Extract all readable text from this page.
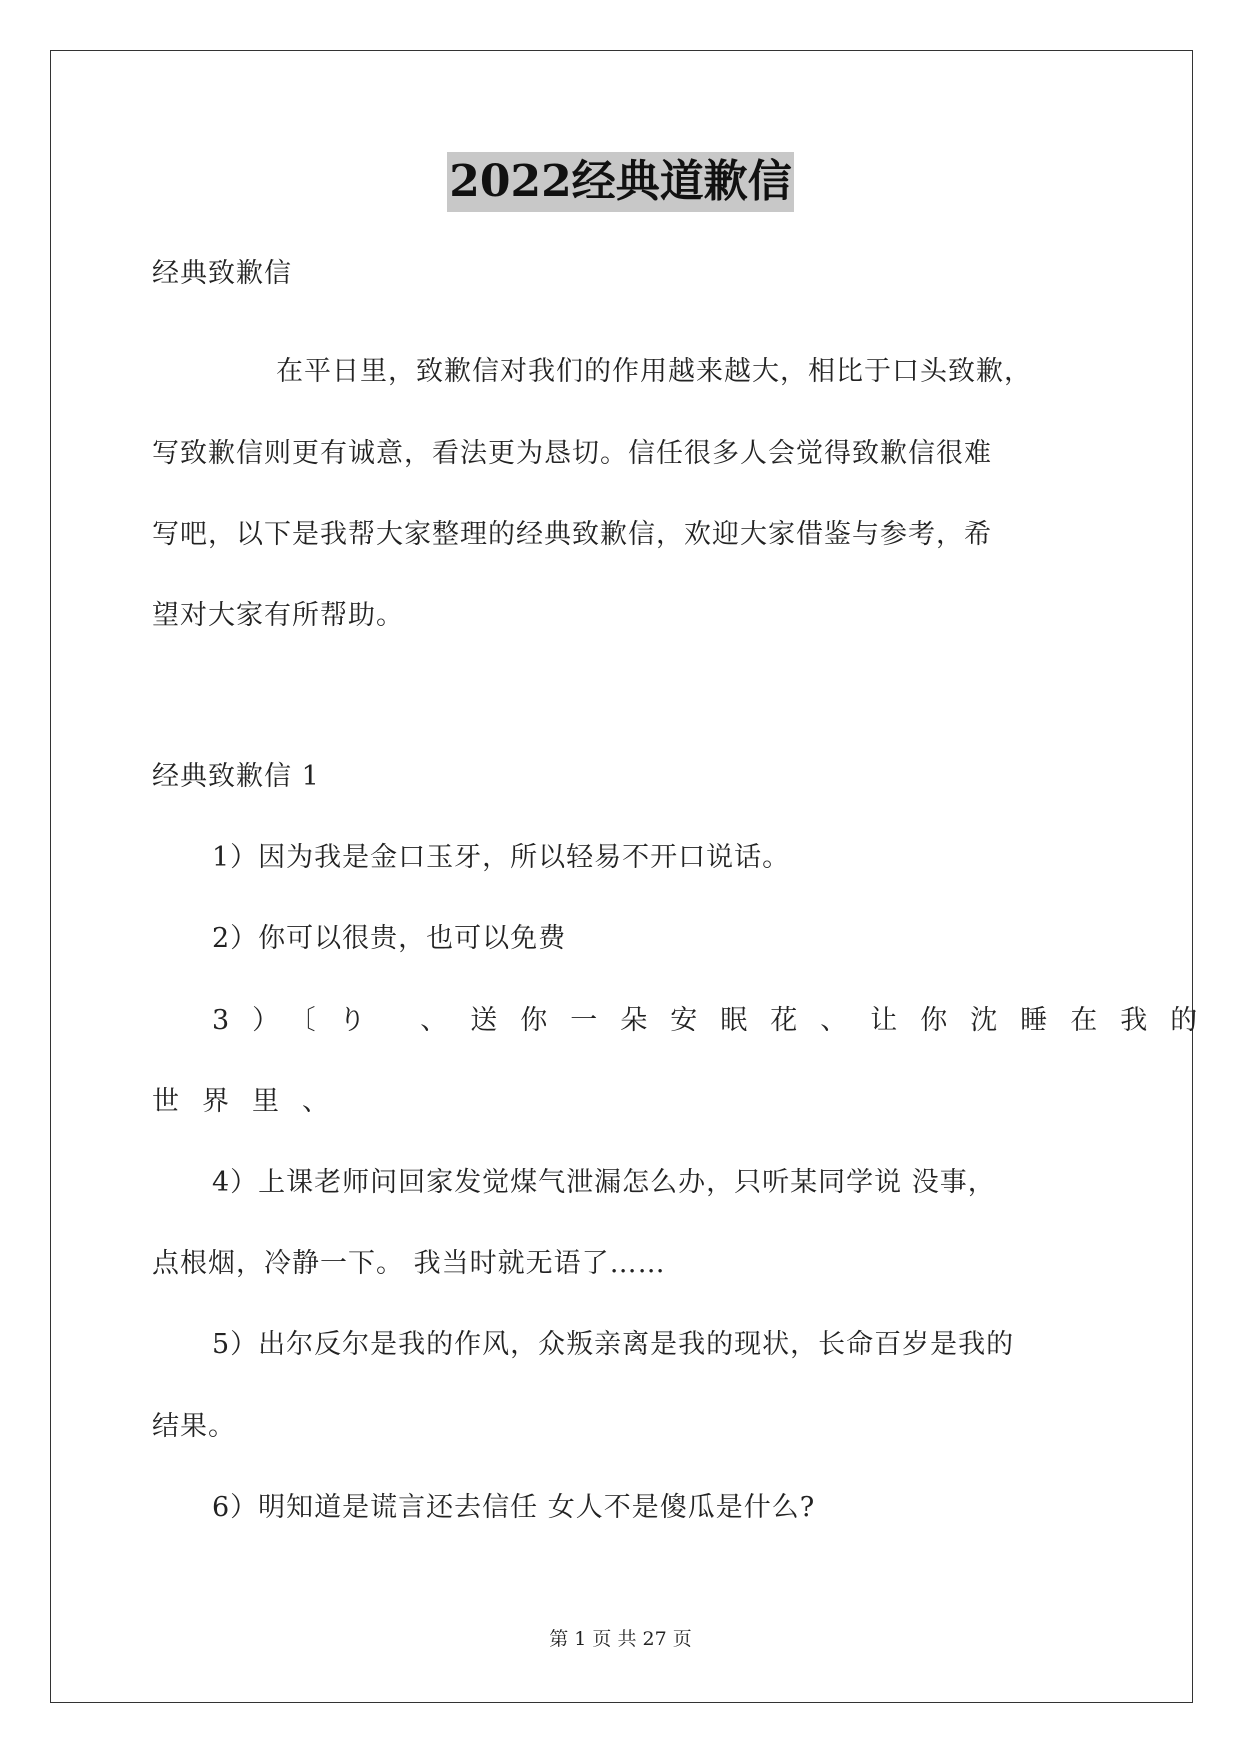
2022经典道歉信
经典致歉信
在平日里，致歉信对我们的作用越来越大，相比于口头致歉，
写致歉信则更有诚意，看法更为恳切。信任很多人会觉得致歉信很难
写吧，以下是我帮大家整理的经典致歉信，欢迎大家借鉴与参考，希
望对大家有所帮助。
经典致歉信 1
1）因为我是金口玉牙，所以轻易不开口说话。
2）你可以很贵，也可以免费
3）〔り 、送你一朵安眠花、让你沈睡在我的
世界里、
4）上课老师问回家发觉煤气泄漏怎么办，只听某同学说 没事，
点根烟，冷静一下。 我当时就无语了……
5）出尔反尔是我的作风，众叛亲离是我的现状，长命百岁是我的
结果。
6）明知道是谎言还去信任 女人不是傻瓜是什么?
第 1 页 共 27 页
